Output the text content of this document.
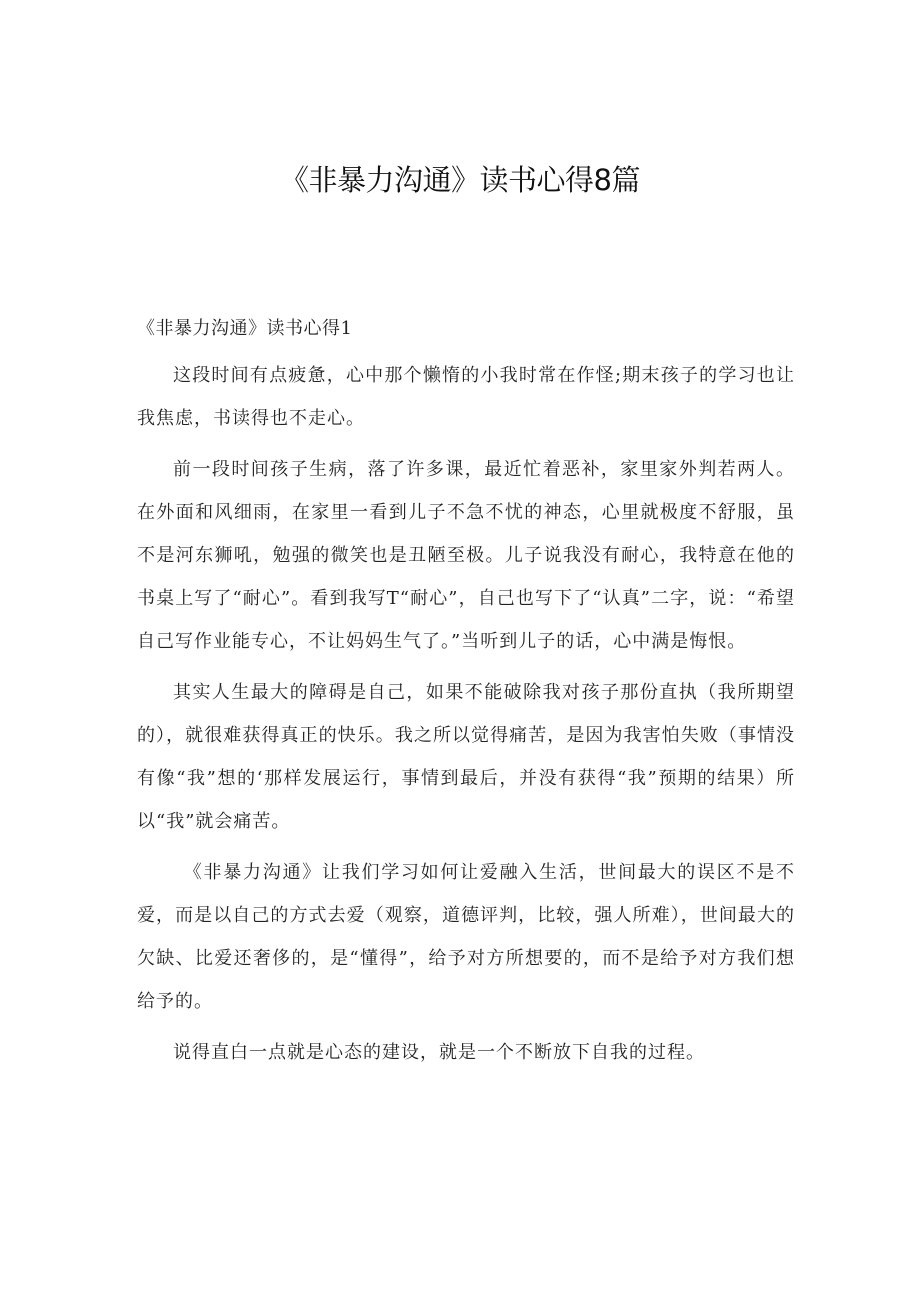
《非暴力沟通》读书心得8篇

《非暴力沟通》读书心得1

这段时间有点疲惫，心中那个懒惰的小我时常在作怪;期末孩子的学习也让我焦虑，书读得也不走心。

前一段时间孩子生病，落了许多课，最近忙着恶补，家里家外判若两人。在外面和风细雨，在家里一看到儿子不急不忧的神态，心里就极度不舒服，虽不是河东狮吼，勉强的微笑也是丑陋至极。儿子说我没有耐心，我特意在他的书桌上写了“耐心”。看到我写T“耐心”，自己也写下了“认真”二字，说：“希望自己写作业能专心，不让妈妈生气了。”当听到儿子的话，心中满是悔恨。

其实人生最大的障碍是自己，如果不能破除我对孩子那份直执（我所期望的），就很难获得真正的快乐。我之所以觉得痛苦，是因为我害怕失败（事情没有像“我”想的‘那样发展运行，事情到最后，并没有获得“我”预期的结果）所以“我”就会痛苦。

《非暴力沟通》让我们学习如何让爱融入生活，世间最大的误区不是不爱，而是以自己的方式去爱（观察，道德评判，比较，强人所难），世间最大的欠缺、比爱还奢侈的，是“懂得”，给予对方所想要的，而不是给予对方我们想给予的。

说得直白一点就是心态的建设，就是一个不断放下自我的过程。
